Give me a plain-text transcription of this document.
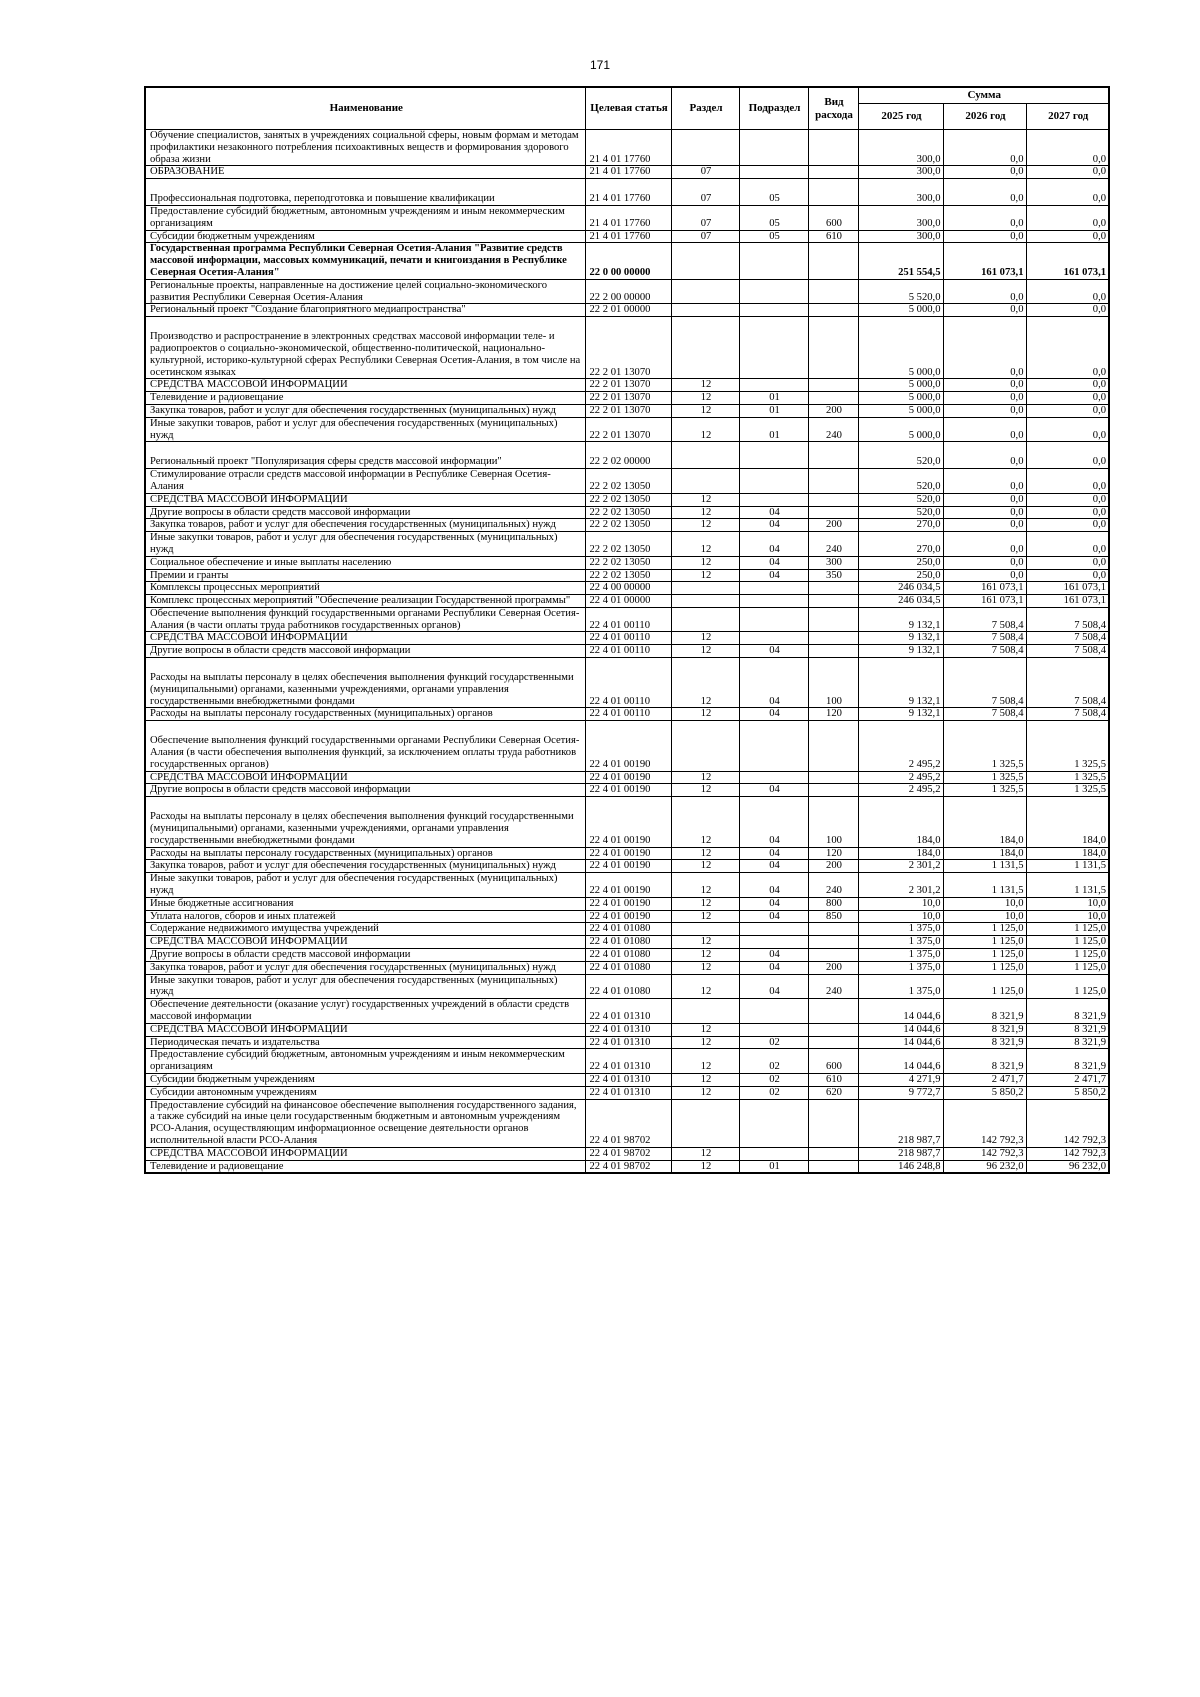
171
Наименование	Целевая статья	Раздел	Подраздел	Вид расхода	Сумма		
					2025 год	2026 год	2027 год
Обучение специалистов, занятых в учреждениях социальной сферы, новым формам и методам профилактики незаконного потребления психоактивных веществ и формирования здорового образа жизни	21 4 01 17760				300,0	0,0	0,0
ОБРАЗОВАНИЕ	21 4 01 17760	07			300,0	0,0	0,0
Профессиональная подготовка, переподготовка и повышение квалификации	21 4 01 17760	07	05		300,0	0,0	0,0
Предоставление субсидий бюджетным, автономным учреждениям и иным некоммерческим организациям	21 4 01 17760	07	05	600	300,0	0,0	0,0
Субсидии бюджетным учреждениям	21 4 01 17760	07	05	610	300,0	0,0	0,0
Государственная программа Республики Северная Осетия-Алания "Развитие средств массовой информации, массовых коммуникаций, печати и книгоиздания в Республике Северная Осетия-Алания"	22 0 00 00000				251 554,5	161 073,1	161 073,1
Региональные проекты, направленные на достижение целей социально-экономического развития Республики Северная Осетия-Алания	22 2 00 00000				5 520,0	0,0	0,0
Региональный проект "Создание благоприятного медиапространства"	22 2 01 00000				5 000,0	0,0	0,0
Производство и распространение в электронных средствах массовой информации теле- и радиопроектов о социально-экономической, общественно-политической, национально-культурной, историко-культурной сферах Республики Северная Осетия-Алания, в том числе на осетинском языках	22 2 01 13070				5 000,0	0,0	0,0
СРЕДСТВА МАССОВОЙ ИНФОРМАЦИИ	22 2 01 13070	12			5 000,0	0,0	0,0
Телевидение и радиовещание	22 2 01 13070	12	01		5 000,0	0,0	0,0
Закупка товаров, работ и услуг для обеспечения государственных (муниципальных) нужд	22 2 01 13070	12	01	200	5 000,0	0,0	0,0
Иные закупки товаров, работ и услуг для обеспечения государственных (муниципальных) нужд	22 2 01 13070	12	01	240	5 000,0	0,0	0,0
Региональный проект "Популяризация сферы средств массовой информации"	22 2 02 00000				520,0	0,0	0,0
Стимулирование отрасли средств массовой информации в Республике Северная Осетия-Алания	22 2 02 13050				520,0	0,0	0,0
СРЕДСТВА МАССОВОЙ ИНФОРМАЦИИ	22 2 02 13050	12			520,0	0,0	0,0
Другие вопросы в области средств массовой информации	22 2 02 13050	12	04		520,0	0,0	0,0
Закупка товаров, работ и услуг для обеспечения государственных (муниципальных) нужд	22 2 02 13050	12	04	200	270,0	0,0	0,0
Иные закупки товаров, работ и услуг для обеспечения государственных (муниципальных) нужд	22 2 02 13050	12	04	240	270,0	0,0	0,0
Социальное обеспечение и иные выплаты населению	22 2 02 13050	12	04	300	250,0	0,0	0,0
Премии и гранты	22 2 02 13050	12	04	350	250,0	0,0	0,0
Комплексы процессных мероприятий	22 4 00 00000				246 034,5	161 073,1	161 073,1
Комплекс процессных мероприятий "Обеспечение реализации Государственной программы"	22 4 01 00000				246 034,5	161 073,1	161 073,1
Обеспечение выполнения функций государственными органами Республики Северная Осетия-Алания (в части оплаты труда работников государственных органов)	22 4 01 00110				9 132,1	7 508,4	7 508,4
СРЕДСТВА МАССОВОЙ ИНФОРМАЦИИ	22 4 01 00110	12			9 132,1	7 508,4	7 508,4
Другие вопросы в области средств массовой информации	22 4 01 00110	12	04		9 132,1	7 508,4	7 508,4
Расходы на выплаты персоналу в целях обеспечения выполнения функций государственными (муниципальными) органами, казенными учреждениями, органами управления государственными внебюджетными фондами	22 4 01 00110	12	04	100	9 132,1	7 508,4	7 508,4
Расходы на выплаты персоналу государственных (муниципальных) органов	22 4 01 00110	12	04	120	9 132,1	7 508,4	7 508,4
Обеспечение выполнения функций государственными органами Республики Северная Осетия-Алания (в части обеспечения выполнения функций, за исключением оплаты труда работников государственных органов)	22 4 01 00190				2 495,2	1 325,5	1 325,5
СРЕДСТВА МАССОВОЙ ИНФОРМАЦИИ	22 4 01 00190	12			2 495,2	1 325,5	1 325,5
Другие вопросы в области средств массовой информации	22 4 01 00190	12	04		2 495,2	1 325,5	1 325,5
Расходы на выплаты персоналу в целях обеспечения выполнения функций государственными (муниципальными) органами, казенными учреждениями, органами управления государственными внебюджетными фондами	22 4 01 00190	12	04	100	184,0	184,0	184,0
Расходы на выплаты персоналу государственных (муниципальных) органов	22 4 01 00190	12	04	120	184,0	184,0	184,0
Закупка товаров, работ и услуг для обеспечения государственных (муниципальных) нужд	22 4 01 00190	12	04	200	2 301,2	1 131,5	1 131,5
Иные закупки товаров, работ и услуг для обеспечения государственных (муниципальных) нужд	22 4 01 00190	12	04	240	2 301,2	1 131,5	1 131,5
Иные бюджетные ассигнования	22 4 01 00190	12	04	800	10,0	10,0	10,0
Уплата налогов, сборов и иных платежей	22 4 01 00190	12	04	850	10,0	10,0	10,0
Содержание недвижимого имущества учреждений	22 4 01 01080				1 375,0	1 125,0	1 125,0
СРЕДСТВА МАССОВОЙ ИНФОРМАЦИИ	22 4 01 01080	12			1 375,0	1 125,0	1 125,0
Другие вопросы в области средств массовой информации	22 4 01 01080	12	04		1 375,0	1 125,0	1 125,0
Закупка товаров, работ и услуг для обеспечения государственных (муниципальных) нужд	22 4 01 01080	12	04	200	1 375,0	1 125,0	1 125,0
Иные закупки товаров, работ и услуг для обеспечения государственных (муниципальных) нужд	22 4 01 01080	12	04	240	1 375,0	1 125,0	1 125,0
Обеспечение деятельности (оказание услуг) государственных учреждений в области средств массовой информации	22 4 01 01310				14 044,6	8 321,9	8 321,9
СРЕДСТВА МАССОВОЙ ИНФОРМАЦИИ	22 4 01 01310	12			14 044,6	8 321,9	8 321,9
Периодическая печать и издательства	22 4 01 01310	12	02		14 044,6	8 321,9	8 321,9
Предоставление субсидий бюджетным, автономным учреждениям и иным некоммерческим организациям	22 4 01 01310	12	02	600	14 044,6	8 321,9	8 321,9
Субсидии бюджетным учреждениям	22 4 01 01310	12	02	610	4 271,9	2 471,7	2 471,7
Субсидии автономным учреждениям	22 4 01 01310	12	02	620	9 772,7	5 850,2	5 850,2
Предоставление субсидий на финансовое обеспечение выполнения государственного задания, а также субсидий на иные цели государственным бюджетным и автономным учреждениям РСО-Алания, осуществляющим информационное освещение деятельности органов исполнительной власти РСО-Алания	22 4 01 98702				218 987,7	142 792,3	142 792,3
СРЕДСТВА МАССОВОЙ ИНФОРМАЦИИ	22 4 01 98702	12			218 987,7	142 792,3	142 792,3
Телевидение и радиовещание	22 4 01 98702	12	01		146 248,8	96 232,0	96 232,0
